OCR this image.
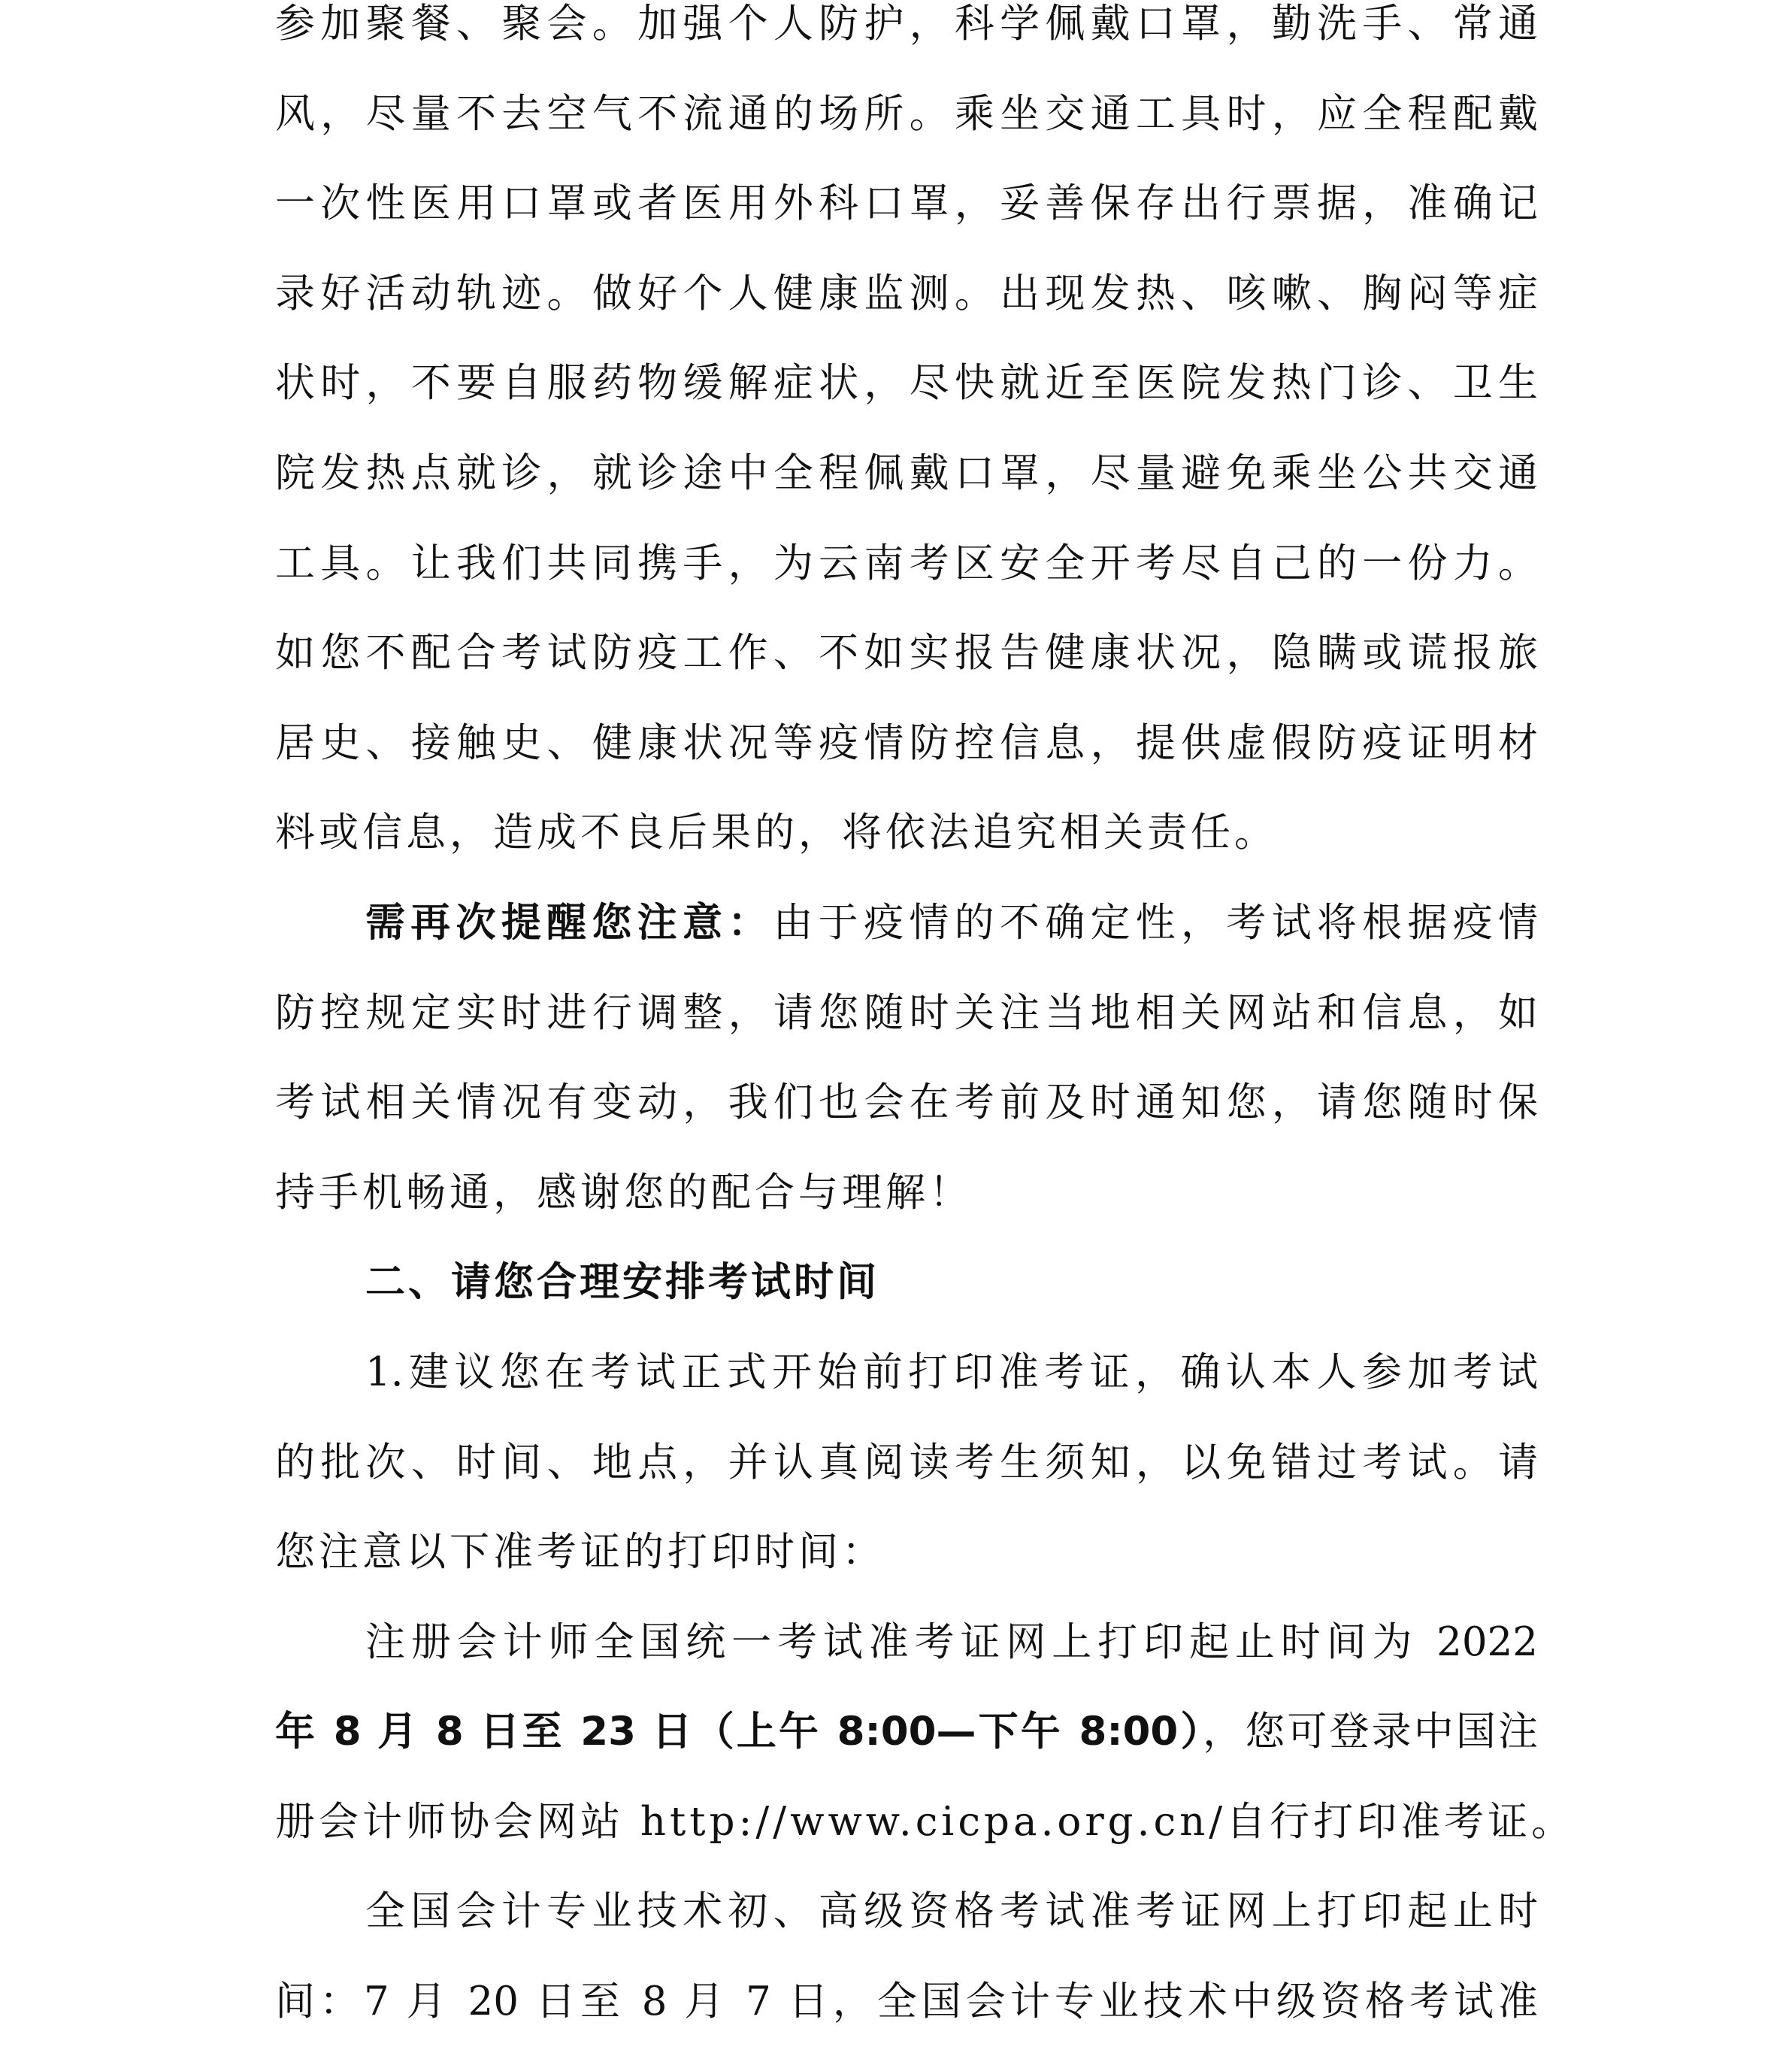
参加聚餐、聚会。加强个人防护，科学佩戴口罩，勤洗手、常通
风，尽量不去空气不流通的场所。乘坐交通工具时，应全程配戴
一次性医用口罩或者医用外科口罩，妥善保存出行票据，准确记
录好活动轨迹。做好个人健康监测。出现发热、咳嗽、胸闷等症
状时，不要自服药物缓解症状，尽快就近至医院发热门诊、卫生
院发热点就诊，就诊途中全程佩戴口罩，尽量避免乘坐公共交通
工具。让我们共同携手，为云南考区安全开考尽自己的一份力。
如您不配合考试防疫工作、不如实报告健康状况，隐瞒或谎报旅
居史、接触史、健康状况等疫情防控信息，提供虚假防疫证明材
料或信息，造成不良后果的，将依法追究相关责任。
需再次提醒您注意：由于疫情的不确定性，考试将根据疫情
防控规定实时进行调整，请您随时关注当地相关网站和信息，如
考试相关情况有变动，我们也会在考前及时通知您，请您随时保
持手机畅通，感谢您的配合与理解！
二、请您合理安排考试时间
1.建议您在考试正式开始前打印准考证，确认本人参加考试
的批次、时间、地点，并认真阅读考生须知，以免错过考试。请
您注意以下准考证的打印时间：
注册会计师全国统一考试准考证网上打印起止时间为 2022
年 8 月 8 日至 23 日（上午 8:00—下午 8:00），您可登录中国注
册会计师协会网站 http://www.cicpa.org.cn/自行打印准考证。
全国会计专业技术初、高级资格考试准考证网上打印起止时
间：7 月 20 日至 8 月 7 日，全国会计专业技术中级资格考试准
